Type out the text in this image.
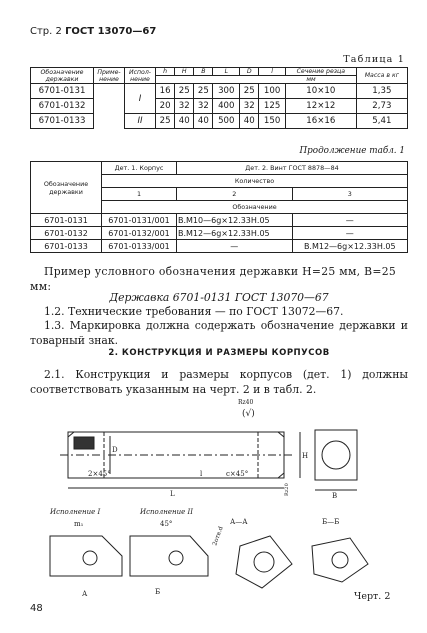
Стр. 2 ГОСТ 13070—67
Таблица 1
Обозначение державки	Приме-нение	Испол-нение	h	H	B	L	D	l	Сечение резца	Масса в кг
			мм							
6701-0131		I	16	25	25	300	25	100	10×10	1,35
6701-0132			20	32	32	400	32	125	12×12	2,73
6701-0133		II	25	40	40	500	40	150	16×16	5,41
Продолжение табл. 1
Обозначение державки	Дет. 1. Корпус	Дет. 2. Винт ГОСТ 8878—84	
	Количество		
	1	2	3
	Обозначение		
6701-0131	6701-0131/001	В.М10—6g×12.33Н.05	—
6701-0132	6701-0132/001	В.М12—6g×12.33Н.05	—
6701-0133	6701-0133/001	—	В.М12—6g×12.33Н.05
Пример условного обозначения державки H=25 мм, B=25 мм:
Державка 6701-0131 ГОСТ 13070—67
1.2. Технические требования — по ГОСТ 13072—67.
1.3. Маркировка должна содержать обозначение державки и товарный знак.
2. КОНСТРУКЦИЯ И РАЗМЕРЫ КОРПУСОВ
2.1. Конструкция и размеры корпусов (дет. 1) должны соответствовать указанным на черт. 2 и в табл. 2.
Rz40
(√)
H
D
2×45°	c×45°
l
L	B
Rz20
Исполнение I	Исполнение II
m₁
А
45°
Б
А—А
2отв.d
Б—Б
48
Черт. 2
